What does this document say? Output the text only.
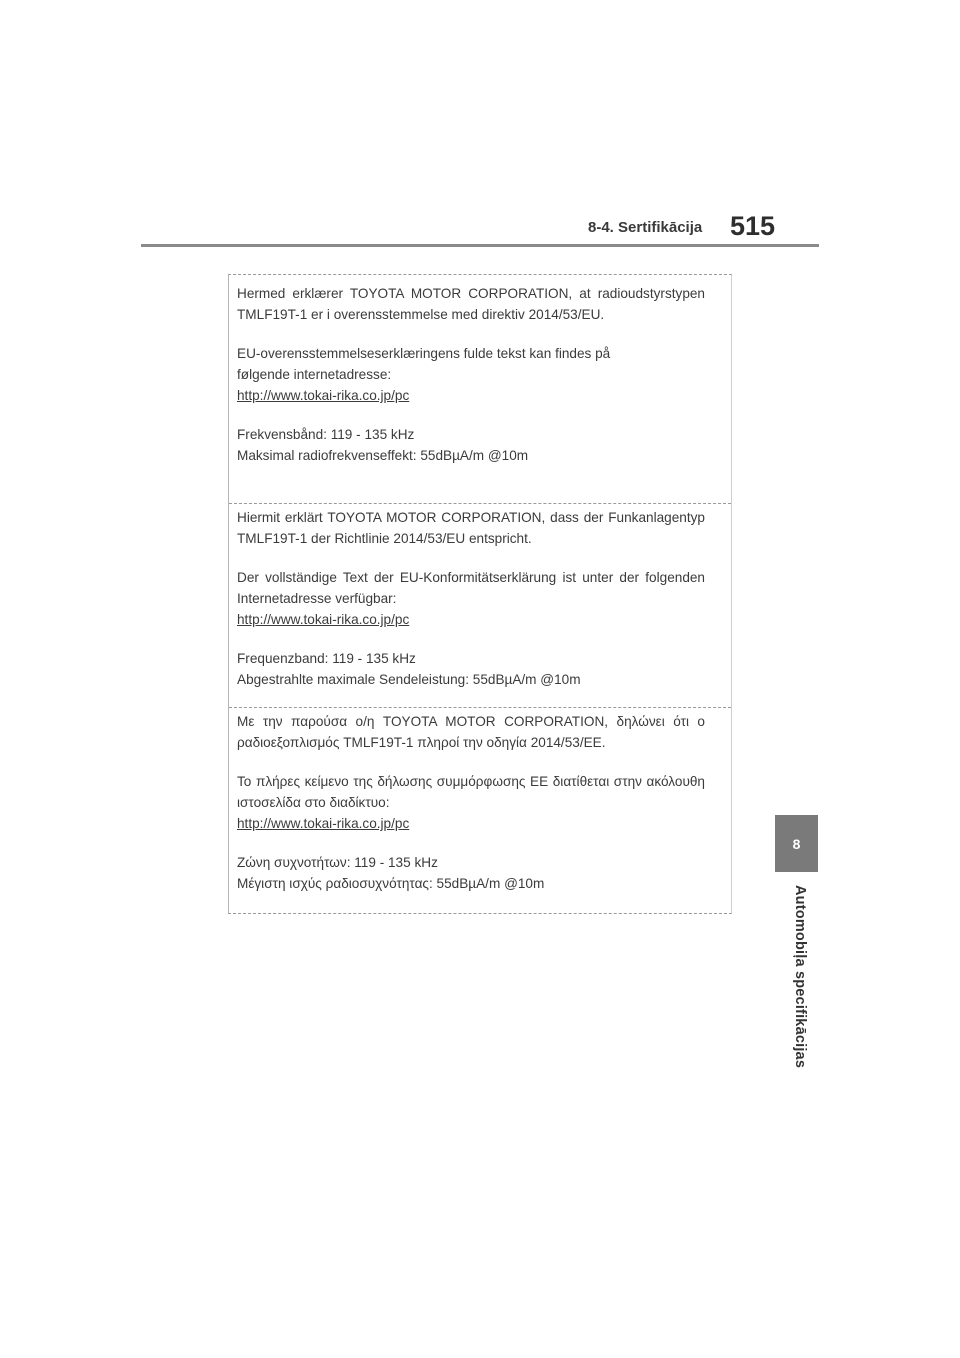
8-4. Sertifikācija 515
8
Automobiļa specifikācijas

Hermed erklærer TOYOTA MOTOR CORPORATION, at radioudstyrstypen TMLF19T-1 er i overensstemmelse med direktiv 2014/53/EU.

EU-overensstemmelseserklæringens fulde tekst kan findes på følgende internetadresse:

http://www.tokai-rika.co.jp/pc

Frekvensbånd: 119 - 135 kHz

Maksimal radiofrekvenseffekt: 55dBµA/m @10m

Hiermit erklärt TOYOTA MOTOR CORPORATION, dass der Funkanlagentyp TMLF19T-1 der Richtlinie 2014/53/EU entspricht.

Der vollständige Text der EU-Konformitätserklärung ist unter der folgenden Internetadresse verfügbar:

http://www.tokai-rika.co.jp/pc

Frequenzband: 119 - 135 kHz

Abgestrahlte maximale Sendeleistung: 55dBµA/m @10m

Με την παρούσα ο/η TOYOTA MOTOR CORPORATION, δηλώνει ότι ο ραδιοεξοπλισμός TMLF19T-1 πληροί την οδηγία 2014/53/ΕΕ.

Το πλήρες κείμενο της δήλωσης συμμόρφωσης ΕΕ διατίθεται στην ακόλουθη ιστοσελίδα στο διαδίκτυο:

http://www.tokai-rika.co.jp/pc

Ζώνη συχνοτήτων: 119 - 135 kHz

Μέγιστη ισχύς ραδιοσυχνότητας: 55dBµA/m @10m
